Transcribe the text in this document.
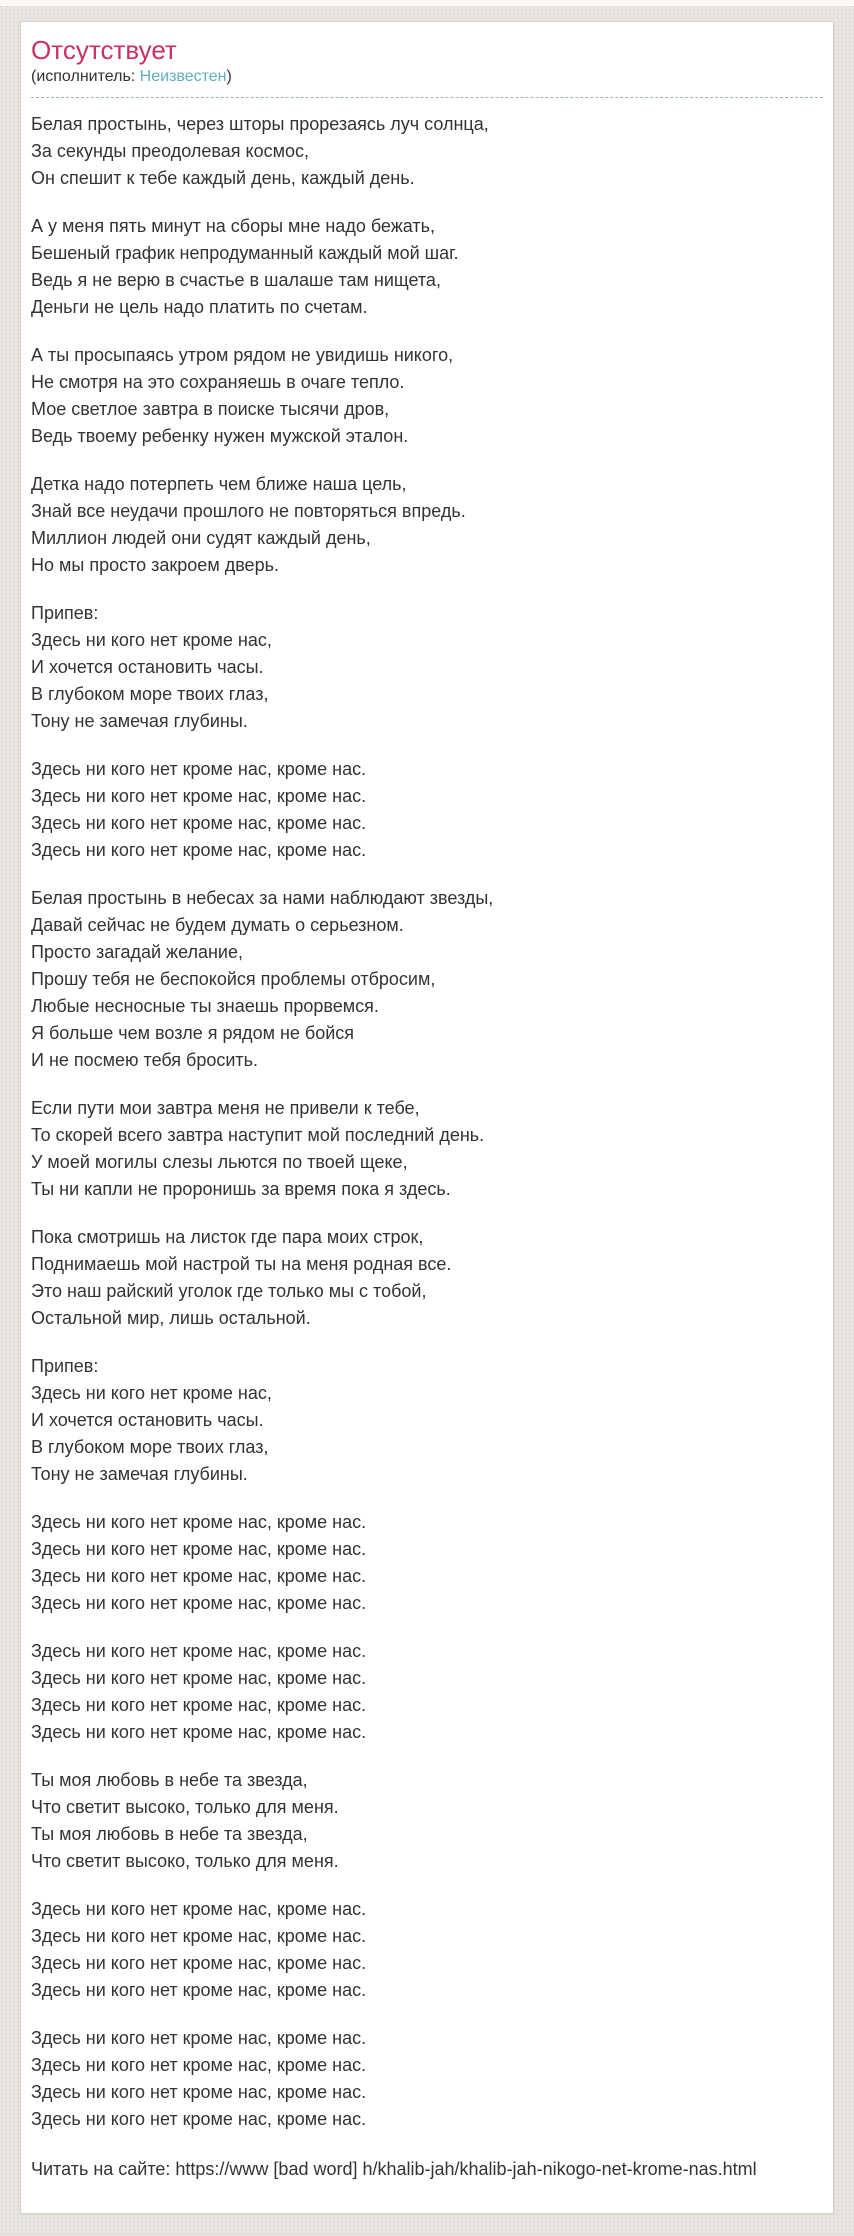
Отсутствует
(исполнитель: Неизвестен)
Белая простынь, через шторы прорезаясь луч солнца,
За секунды преодолевая космос,
Он спешит к тебе каждый день, каждый день.
А у меня пять минут на сборы мне надо бежать,
Бешеный график непродуманный каждый мой шаг.
Ведь я не верю в счастье в шалаше там нищета,
Деньги не цель надо платить по счетам.
А ты просыпаясь утром рядом не увидишь никого,
Не смотря на это сохраняешь в очаге тепло.
Мое светлое завтра в поиске тысячи дров,
Ведь твоему ребенку нужен мужской эталон.
Детка надо потерпеть чем ближе наша цель,
Знай все неудачи прошлого не повторяться впредь.
Миллион людей они судят каждый день,
Но мы просто закроем дверь.
Припев:
Здесь ни кого нет кроме нас,
И хочется остановить часы.
В глубоком море твоих глаз,
Тону не замечая глубины.
Здесь ни кого нет кроме нас, кроме нас.
Здесь ни кого нет кроме нас, кроме нас.
Здесь ни кого нет кроме нас, кроме нас.
Здесь ни кого нет кроме нас, кроме нас.
Белая простынь в небесах за нами наблюдают звезды,
Давай сейчас не будем думать о серьезном.
Просто загадай желание,
Прошу тебя не беспокойся проблемы отбросим,
Любые несносные ты знаешь прорвемся.
Я больше чем возле я рядом не бойся
И не посмею тебя бросить.
Если пути мои завтра меня не привели к тебе,
То скорей всего завтра наступит мой последний день.
У моей могилы слезы льются по твоей щеке,
Ты ни капли не проронишь за время пока я здесь.
Пока смотришь на листок где пара моих строк,
Поднимаешь мой настрой ты на меня родная все.
Это наш райский уголок где только мы с тобой,
Остальной мир, лишь остальной.
Припев:
Здесь ни кого нет кроме нас,
И хочется остановить часы.
В глубоком море твоих глаз,
Тону не замечая глубины.
Здесь ни кого нет кроме нас, кроме нас.
Здесь ни кого нет кроме нас, кроме нас.
Здесь ни кого нет кроме нас, кроме нас.
Здесь ни кого нет кроме нас, кроме нас.
Здесь ни кого нет кроме нас, кроме нас.
Здесь ни кого нет кроме нас, кроме нас.
Здесь ни кого нет кроме нас, кроме нас.
Здесь ни кого нет кроме нас, кроме нас.
Ты моя любовь в небе та звезда,
Что светит высоко, только для меня.
Ты моя любовь в небе та звезда,
Что светит высоко, только для меня.
Здесь ни кого нет кроме нас, кроме нас.
Здесь ни кого нет кроме нас, кроме нас.
Здесь ни кого нет кроме нас, кроме нас.
Здесь ни кого нет кроме нас, кроме нас.
Здесь ни кого нет кроме нас, кроме нас.
Здесь ни кого нет кроме нас, кроме нас.
Здесь ни кого нет кроме нас, кроме нас.
Здесь ни кого нет кроме нас, кроме нас.
Читать на сайте: https://www [bad word] h/khalib-jah/khalib-jah-nikogo-net-krome-nas.html
